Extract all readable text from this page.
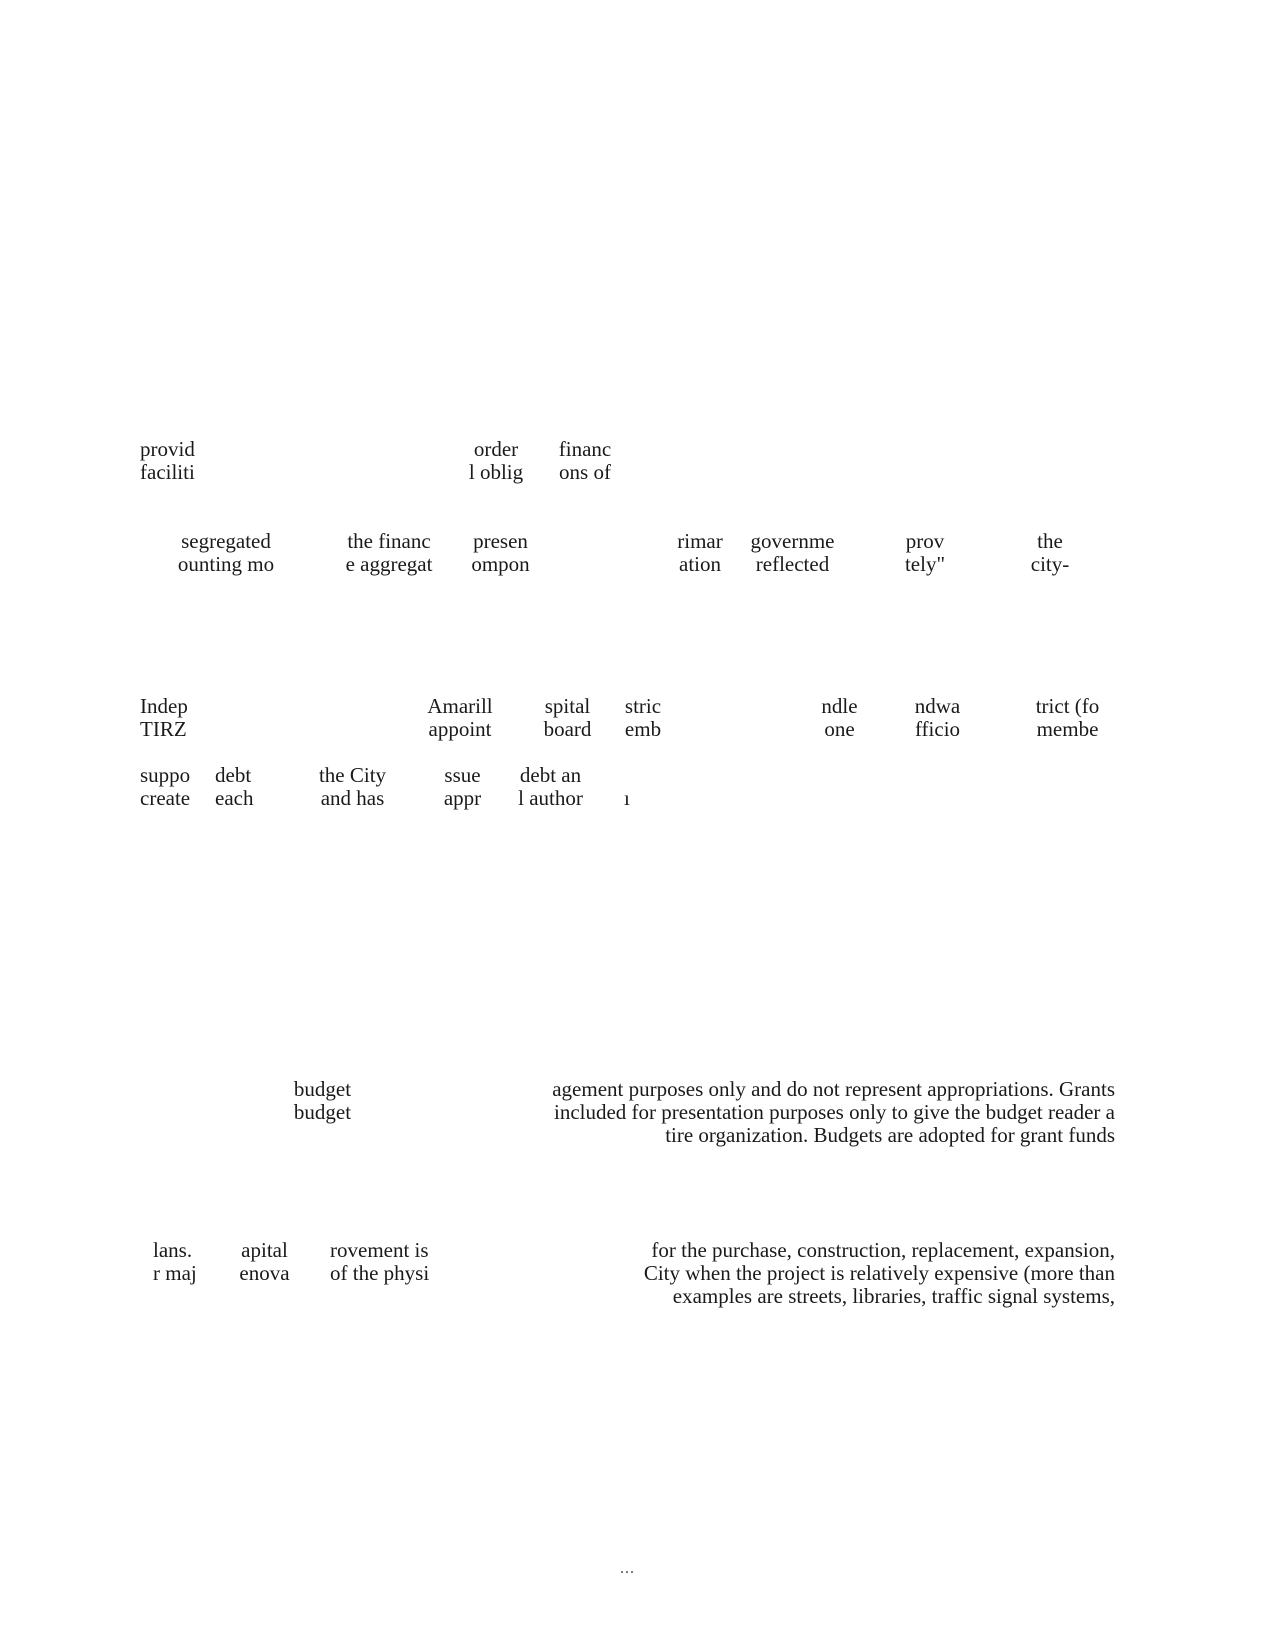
provid
faciliti
order
l oblig
financ
ons of
segregated
ounting mo
the financ
e aggregat
presen
ompon
rimar
ation
governme
reflected
prov
tely"
the
city-
Indep
TIRZ
Amarill
appoint
spital
board
stric
emb
ndle
one
ndwa
fficio
trict (fo
membe
suppo
create
debt
each
the City
and has
ssue
appr
debt an
l author	ı
budget
budget
agement purposes only and do not represent appropriations. Grants
included for presentation purposes only to give the budget reader a
tire organization. Budgets are adopted for grant funds
lans.
r maj
apital
enova
rovement is
of the physi
for the purchase, construction, replacement, expansion,
City when the project is relatively expensive (more than
examples are streets, libraries, traffic signal systems,
...
